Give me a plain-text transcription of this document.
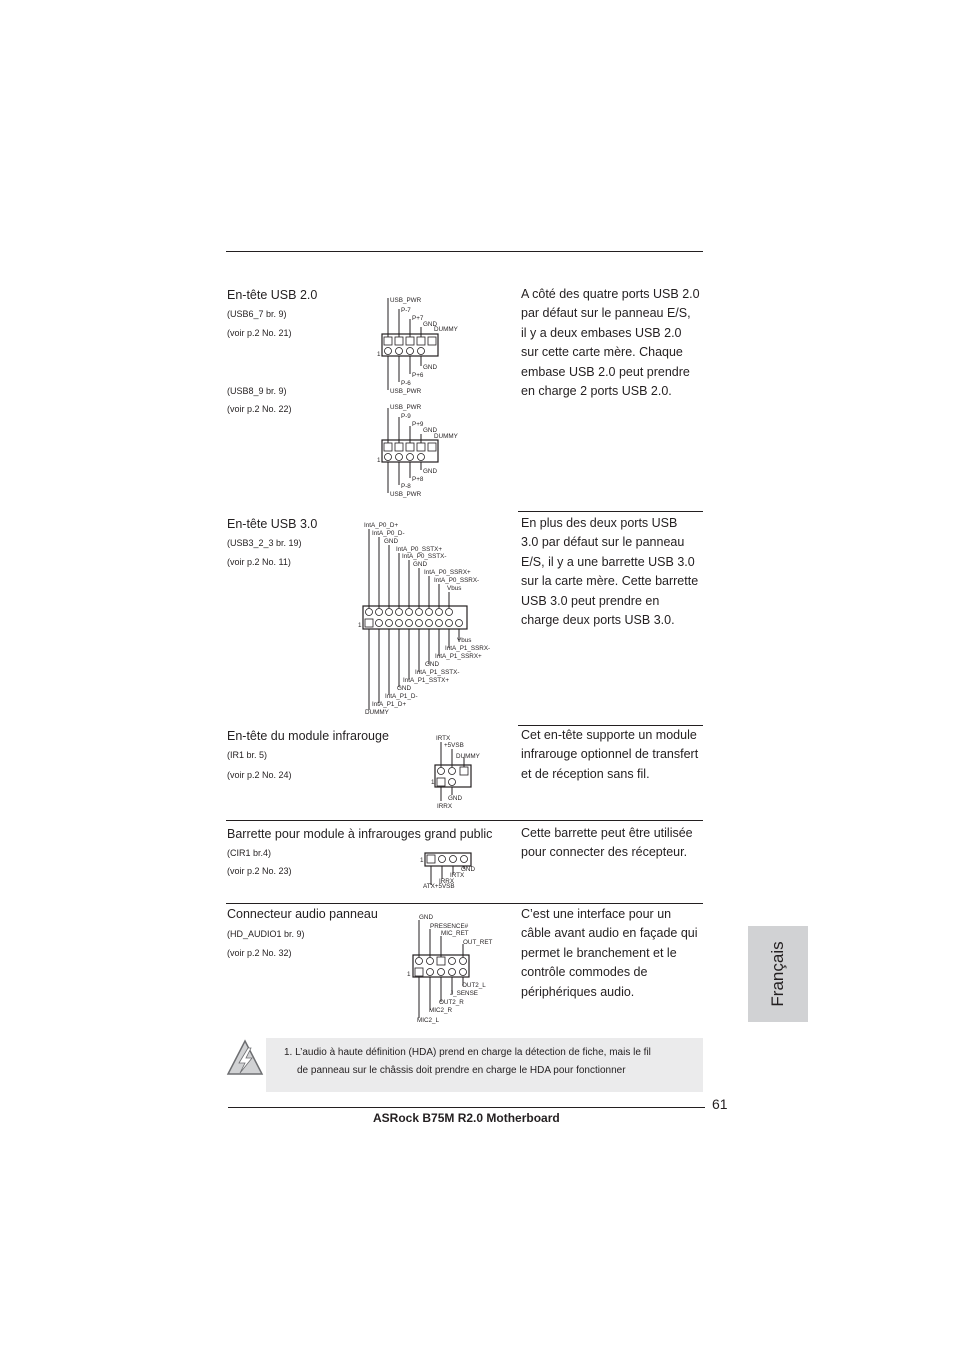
En-tête USB 2.0
(USB6_7 br. 9)
(voir p.2 No. 21)
(USB8_9 br. 9)
(voir p.2 No. 22)

A côté des quatre ports USB 2.0

par défaut sur le panneau E/S,

il y a deux embases USB 2.0

sur cette carte mère. Chaque

embase USB 2.0 peut prendre

en charge 2 ports USB 2.0.

USB_PWR
P-7
P+7
GND
DUMMY
GND
P+6
P-6
USB_PWR
1
USB_PWR
P-9
P+9
GND
DUMMY
GND
P+8
P-8
USB_PWR
1
En-tête USB 3.0
(USB3_2_3 br. 19)
(voir p.2 No. 11)

En plus des deux ports USB

3.0 par défaut sur le panneau

E/S, il y a une barrette USB 3.0

sur la carte mère. Cette barrette

USB 3.0 peut prendre en

charge deux ports USB 3.0.

IntA_P0_D+
IntA_P0_D-
GND
IntA_P0_SSTX+
IntA_P0_SSTX-
GND
IntA_P0_SSRX+
IntA_P0_SSRX-
Vbus
Vbus
IntA_P1_SSRX-
IntA_P1_SSRX+
GND
IntA_P1_SSTX-
IntA_P1_SSTX+
GND
IntA_P1_D-
IntA_P1_D+
DUMMY
1
En-tête du module infrarouge
(IR1 br. 5)
(voir p.2 No. 24)

Cet en-tête supporte un module

infrarouge optionnel de transfert

et de réception sans fil.

IRTX
+5VSB
DUMMY
GND
IRRX
1
Barrette pour module à infrarouges grand public
(CIR1 br.4)
(voir p.2 No. 23)

Cette barrette peut être utilisée

pour connecter des récepteur.

GND
IRTX
IRRX
ATX+5VSB
1
Connecteur audio panneau
(HD_AUDIO1 br. 9)
(voir p.2 No. 32)

C’est une interface pour un

câble avant audio en façade qui

permet le branchement et le

contrôle commodes de

périphériques audio.

GND
PRESENCE#
MIC_RET
OUT_RET
OUT2_L
J_SENSE
OUT2_R
MIC2_R
MIC2_L
1	Français

1. L’audio à haute définition (HDA) prend en charge la détection de fiche, mais le fil

de panneau sur le châssis doit prendre en charge le HDA pour fonctionner

61
ASRock B75M R2.0 Motherboard
